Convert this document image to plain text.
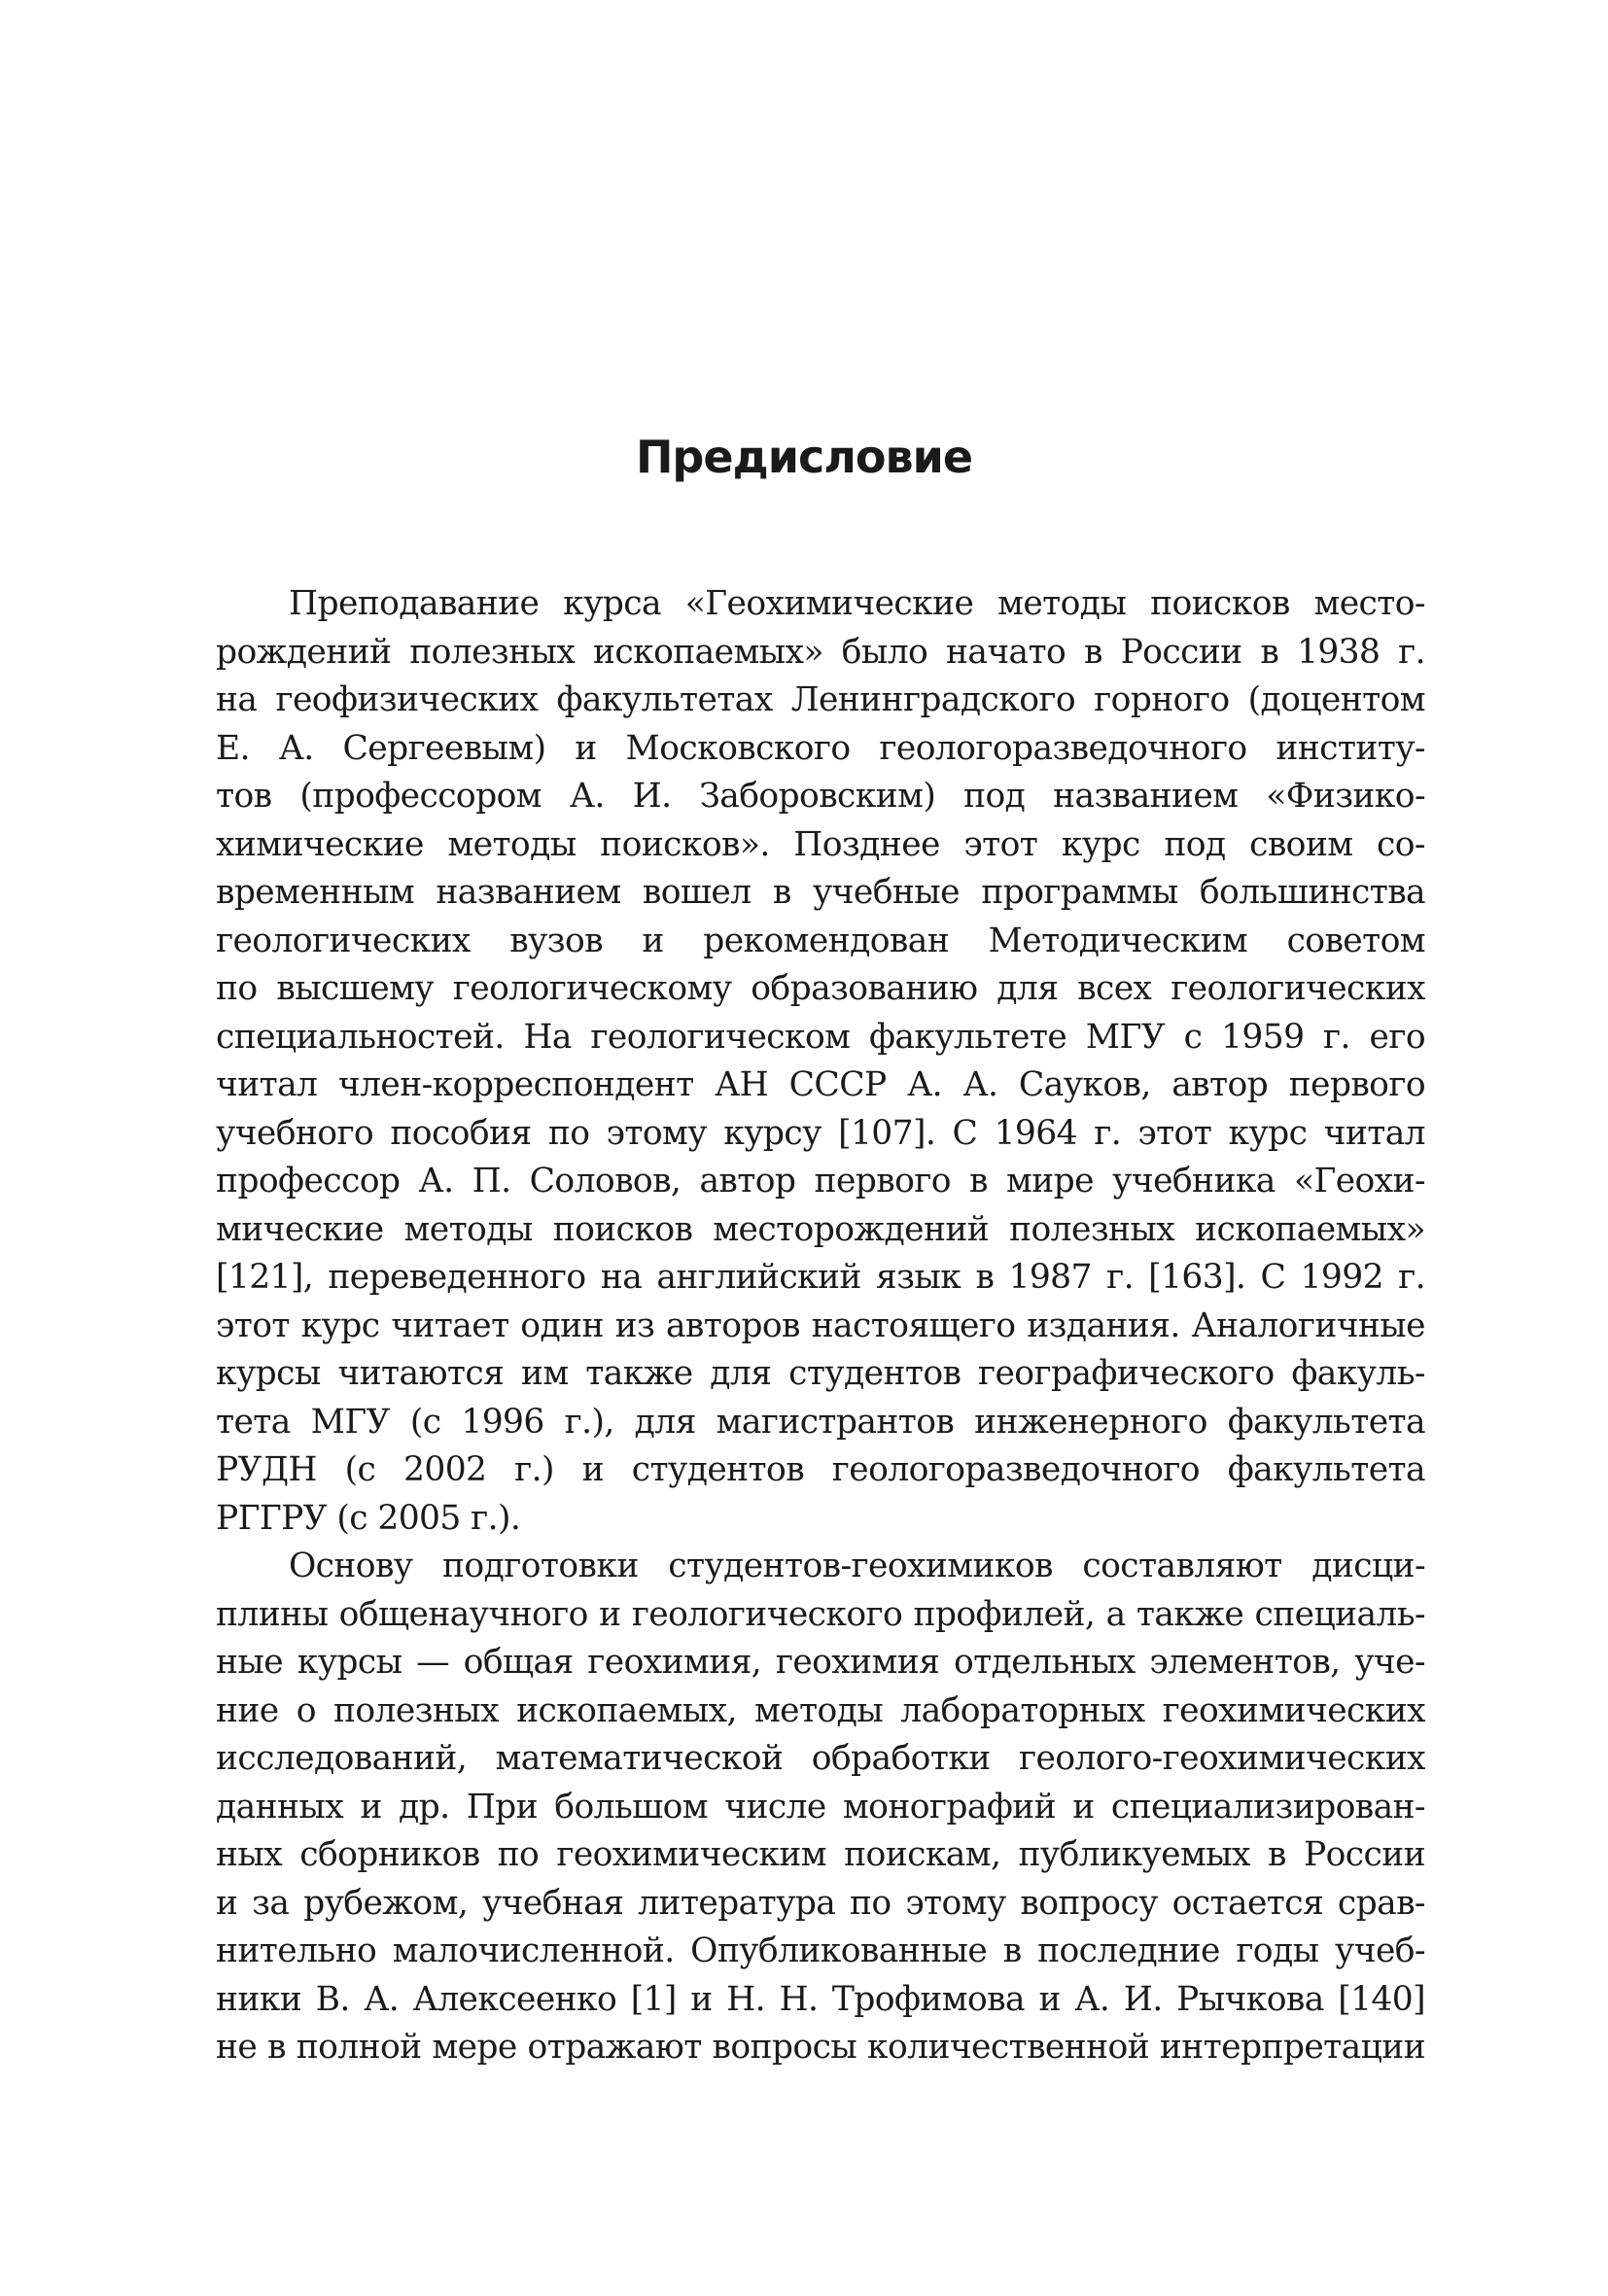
Предисловие
Преподавание курса «Геохимические методы поисков место-
рождений полезных ископаемых» было начато в России в 1938 г.
на геофизических факультетах Ленинградского горного (доцентом
Е. А. Сергеевым) и Московского геологоразведочного институ-
тов (профессором А. И. Заборовским) под названием «Физико-
химические методы поисков». Позднее этот курс под своим со-
временным названием вошел в учебные программы большинства
геологических вузов и рекомендован Методическим советом
по высшему геологическому образованию для всех геологических
специальностей. На геологическом факультете МГУ с 1959 г. его
читал член-корреспондент АН СССР А. А. Сауков, автор первого
учебного пособия по этому курсу [107]. С 1964 г. этот курс читал
профессор А. П. Соловов, автор первого в мире учебника «Геохи-
мические методы поисков месторождений полезных ископаемых»
[121], переведенного на английский язык в 1987 г. [163]. С 1992 г.
этот курс читает один из авторов настоящего издания. Аналогичные
курсы читаются им также для студентов географического факуль-
тета МГУ (с 1996 г.), для магистрантов инженерного факультета
РУДН (с 2002 г.) и студентов геологоразведочного факультета
РГГРУ (с 2005 г.).
Основу подготовки студентов-геохимиков составляют дисци-
плины общенаучного и геологического профилей, а также специаль-
ные курсы — общая геохимия, геохимия отдельных элементов, уче-
ние о полезных ископаемых, методы лабораторных геохимических
исследований, математической обработки геолого-геохимических
данных и др. При большом числе монографий и специализирован-
ных сборников по геохимическим поискам, публикуемых в России
и за рубежом, учебная литература по этому вопросу остается срав-
нительно малочисленной. Опубликованные в последние годы учеб-
ники В. А. Алексеенко [1] и Н. Н. Трофимова и А. И. Рычкова [140]
не в полной мере отражают вопросы количественной интерпретации
